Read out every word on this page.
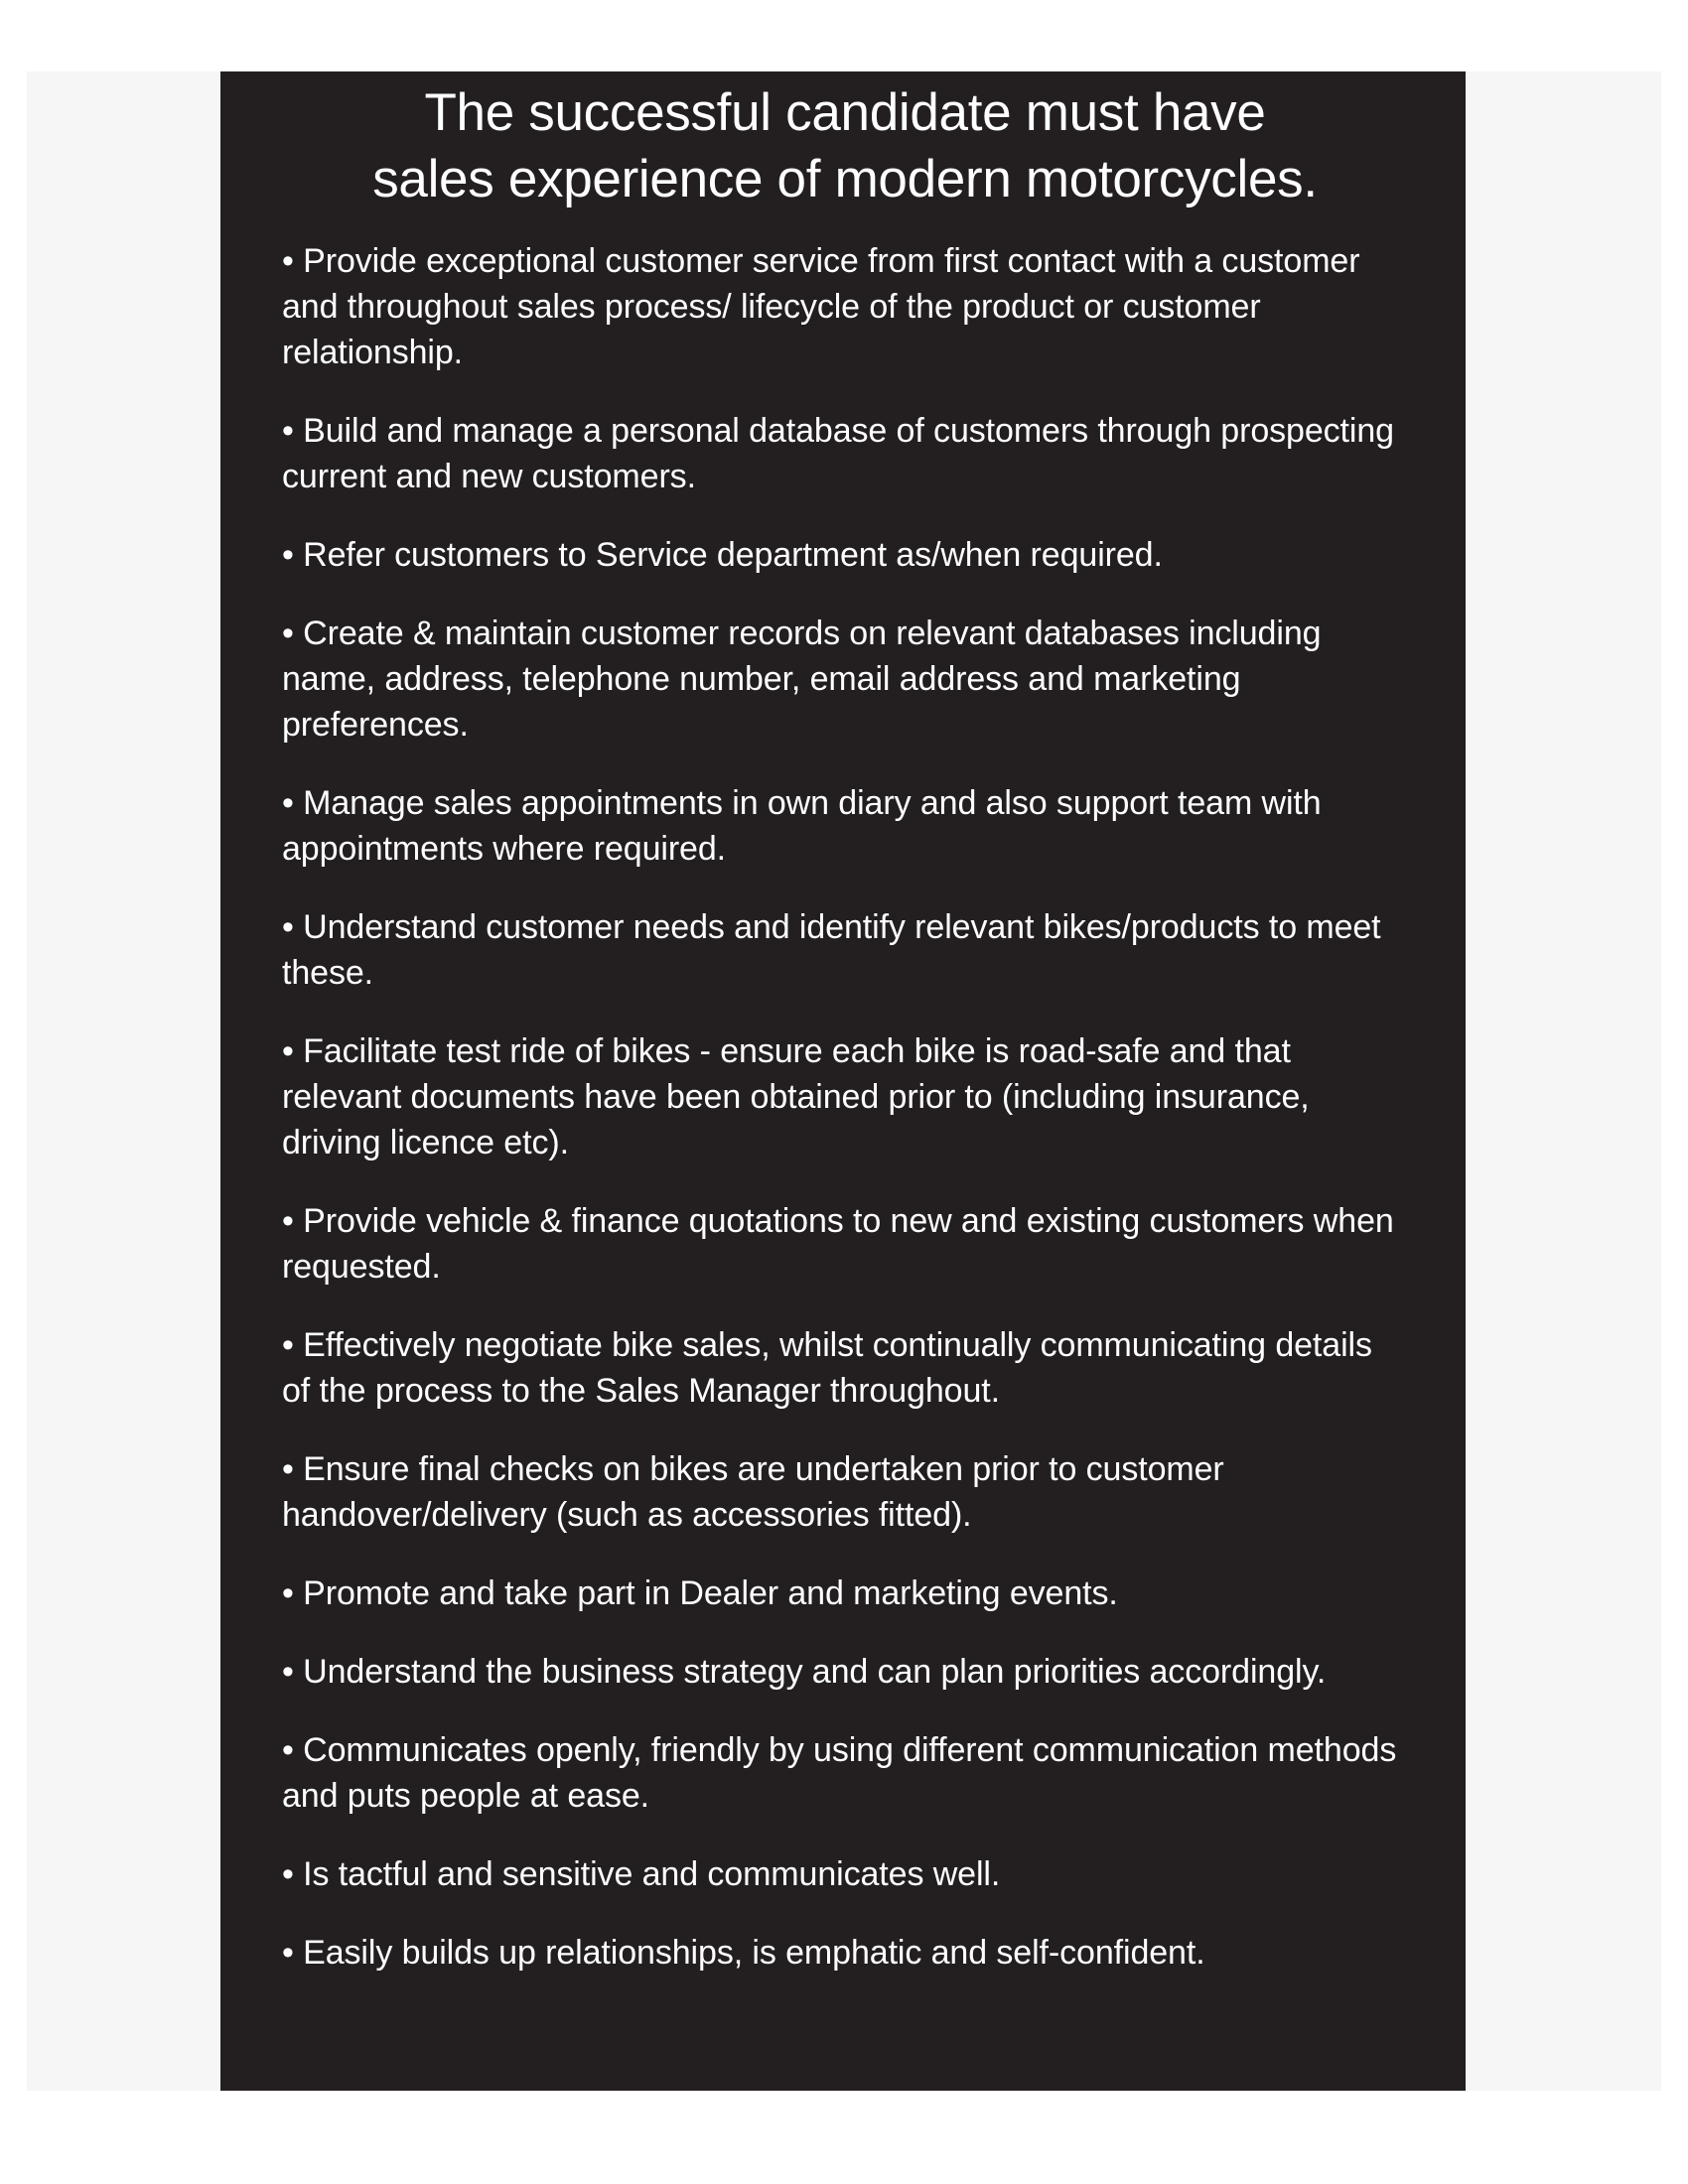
The successful candidate must have
sales experience of modern motorcycles.
• Provide exceptional customer service from first contact with a customer and throughout sales process/ lifecycle of the product or customer relationship.
• Build and manage a personal database of customers through prospecting current and new customers.
• Refer customers to Service department as/when required.
• Create & maintain customer records on relevant databases including name, address, telephone number, email address and marketing preferences.
• Manage sales appointments in own diary and also support team with appointments where required.
• Understand customer needs and identify relevant bikes/products to meet these.
• Facilitate test ride of bikes - ensure each bike is road-safe and that relevant documents have been obtained prior to (including insurance, driving licence etc).
• Provide vehicle & finance quotations to new and existing customers when requested.
• Effectively negotiate bike sales, whilst continually communicating details of the process to the Sales Manager throughout.
• Ensure final checks on bikes are undertaken prior to customer handover/delivery (such as accessories fitted).
• Promote and take part in Dealer and marketing events.
• Understand the business strategy and can plan priorities accordingly.
• Communicates openly, friendly by using different communication methods and puts people at ease.
• Is tactful and sensitive and communicates well.
• Easily builds up relationships, is emphatic and self-confident.
